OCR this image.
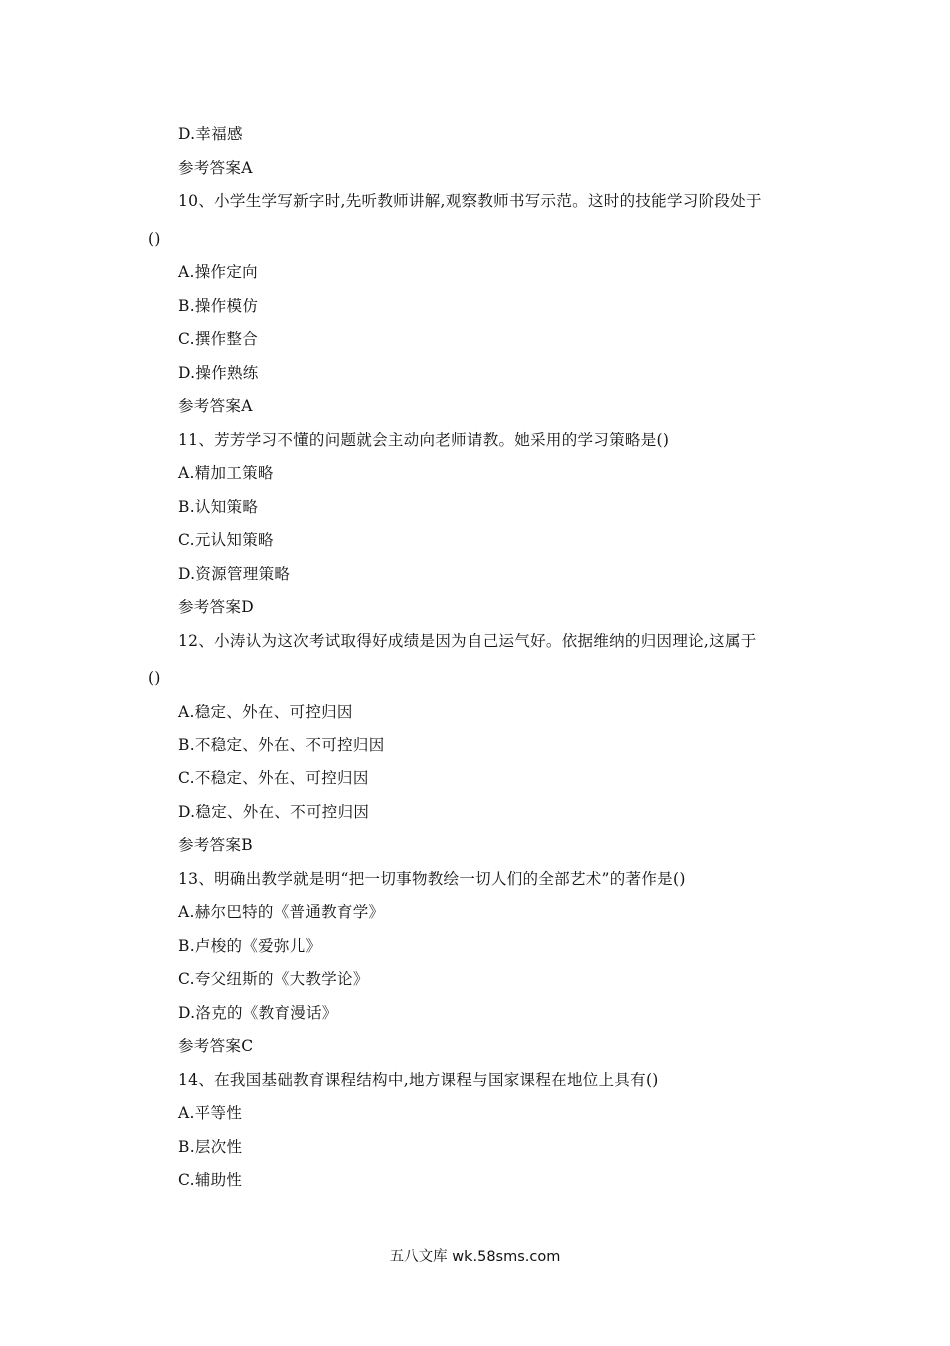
D.幸福感
参考答案A
10、小学生学写新字时,先听教师讲解,观察教师书写示范。这时的技能学习阶段处于
()
A.操作定向
B.操作模仿
C.撰作整合
D.操作熟练
参考答案A
11、芳芳学习不懂的问题就会主动向老师请教。她采用的学习策略是()
A.精加工策略
B.认知策略
C.元认知策略
D.资源管理策略
参考答案D
12、小涛认为这次考试取得好成绩是因为自己运气好。依据维纳的归因理论,这属于
()
A.稳定、外在、可控归因
B.不稳定、外在、不可控归因
C.不稳定、外在、可控归因
D.稳定、外在、不可控归因
参考答案B
13、明确出教学就是明“把一切事物教绘一切人们的全部艺术”的著作是()
A.赫尔巴特的《普通教育学》
B.卢梭的《爱弥儿》
C.夸父纽斯的《大教学论》
D.洛克的《教育漫话》
参考答案C
14、在我国基础教育课程结构中,地方课程与国家课程在地位上具有()
A.平等性
B.层次性
C.辅助性
五八文库 wk.58sms.com
